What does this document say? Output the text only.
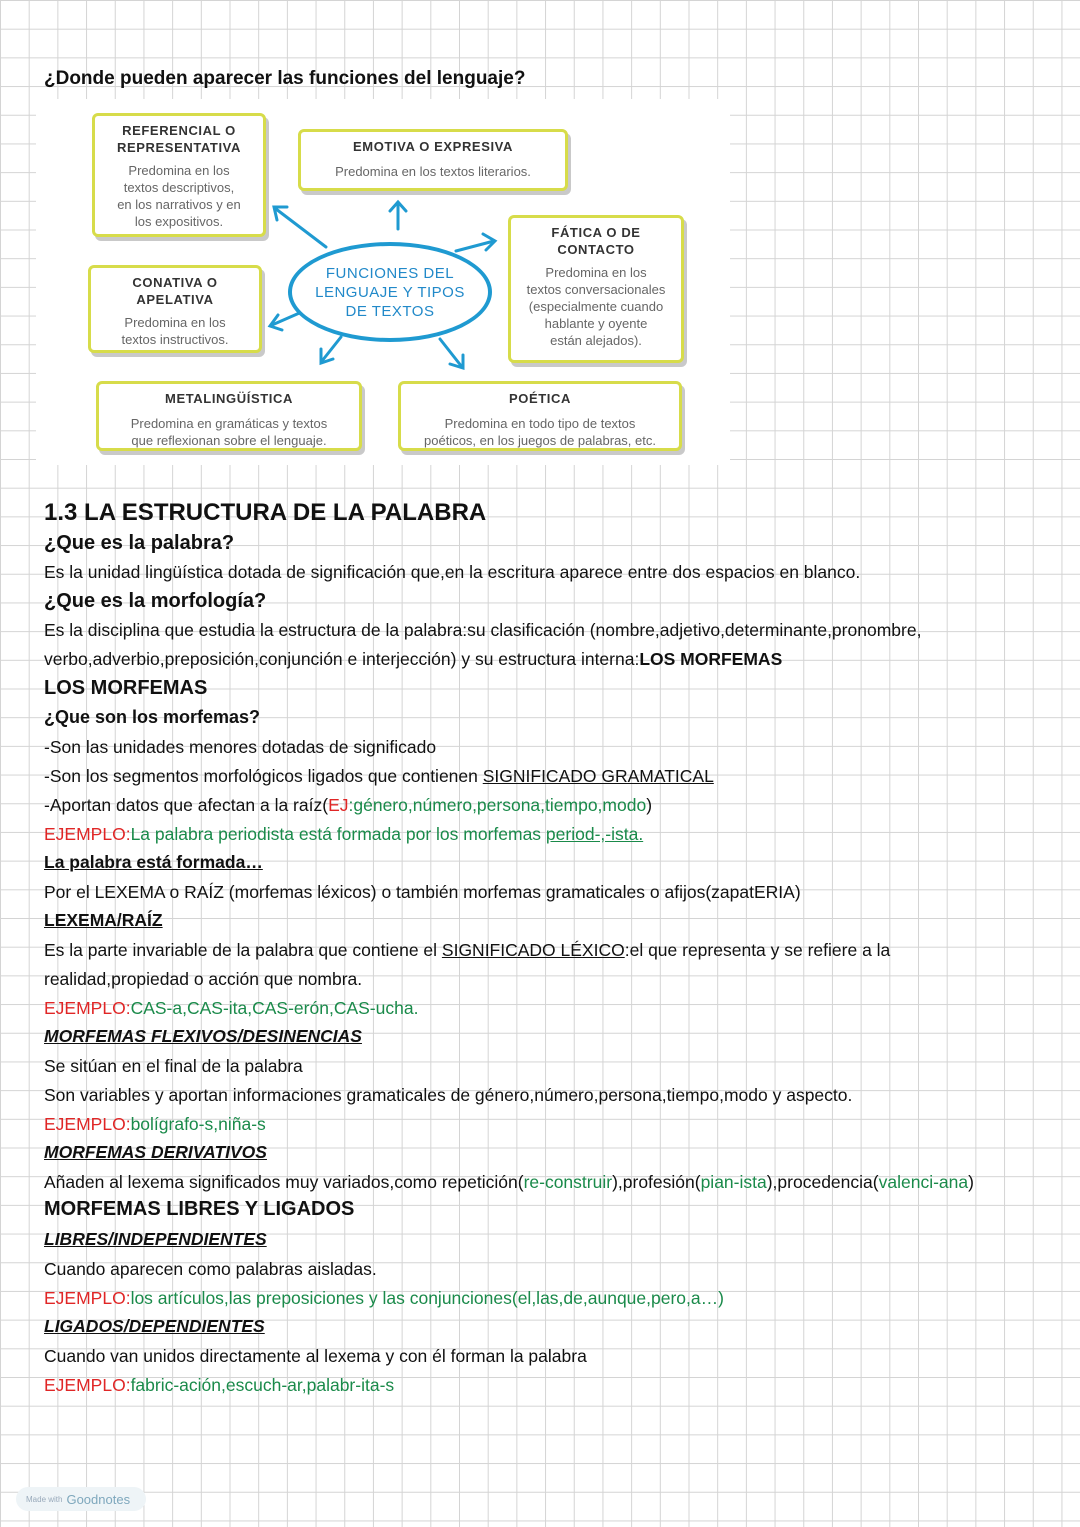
¿Donde pueden aparecer las funciones del lenguaje?
REFERENCIAL O
REPRESENTATIVA
Predomina en los
textos descriptivos,
en los narrativos y en
los expositivos.
EMOTIVA O EXPRESIVA
Predomina en los textos literarios.
FÁTICA O DE
CONTACTO
Predomina en los
textos conversacionales
(especialmente cuando
hablante y oyente
están alejados).
CONATIVA O
APELATIVA
Predomina en los
textos instructivos.
FUNCIONES DEL
LENGUAJE Y TIPOS
DE TEXTOS
METALINGÜÍSTICA
Predomina en gramáticas y textos
que reflexionan sobre el lenguaje.
POÉTICA
Predomina en todo tipo de textos
poéticos, en los juegos de palabras, etc.
1.3 LA ESTRUCTURA DE LA PALABRA
¿Que es la palabra?
Es la unidad lingüística dotada de significación que,en la escritura aparece entre dos espacios en blanco.
¿Que es la morfología?
Es la disciplina que estudia la estructura de la palabra:su clasificación (nombre,adjetivo,determinante,pronombre,
verbo,adverbio,preposición,conjunción e interjección) y su estructura interna:LOS MORFEMAS
LOS MORFEMAS
¿Que son los morfemas?
-Son las unidades menores dotadas de significado
-Son los segmentos morfológicos ligados que contienen SIGNIFICADO GRAMATICAL
-Aportan datos que afectan a la raíz(EJ:género,número,persona,tiempo,modo)
EJEMPLO:La palabra periodista está formada por los morfemas period-,-ista.
La palabra está formada…
Por el LEXEMA o RAÍZ (morfemas léxicos) o también morfemas gramaticales o afijos(zapatERIA)
LEXEMA/RAÍZ
Es la parte invariable de la palabra que contiene el SIGNIFICADO LÉXICO:el que representa y se refiere a la
realidad,propiedad o acción que nombra.
EJEMPLO:CAS-a,CAS-ita,CAS-erón,CAS-ucha.
MORFEMAS FLEXIVOS/DESINENCIAS
Se sitúan en el final de la palabra
Son variables y aportan informaciones gramaticales de género,número,persona,tiempo,modo y aspecto.
EJEMPLO:bolígrafo-s,niña-s
MORFEMAS DERIVATIVOS
Añaden al lexema significados muy variados,como repetición(re-construir),profesión(pian-ista),procedencia(valenci-ana)
MORFEMAS LIBRES Y LIGADOS
LIBRES/INDEPENDIENTES
Cuando aparecen como palabras aisladas.
EJEMPLO:los artículos,las preposiciones y las conjunciones(el,las,de,aunque,pero,a…)
LIGADOS/DEPENDIENTES
Cuando van unidos directamente al lexema y con él forman la palabra
EJEMPLO:fabric-ación,escuch-ar,palabr-ita-s
Made with Goodnotes
